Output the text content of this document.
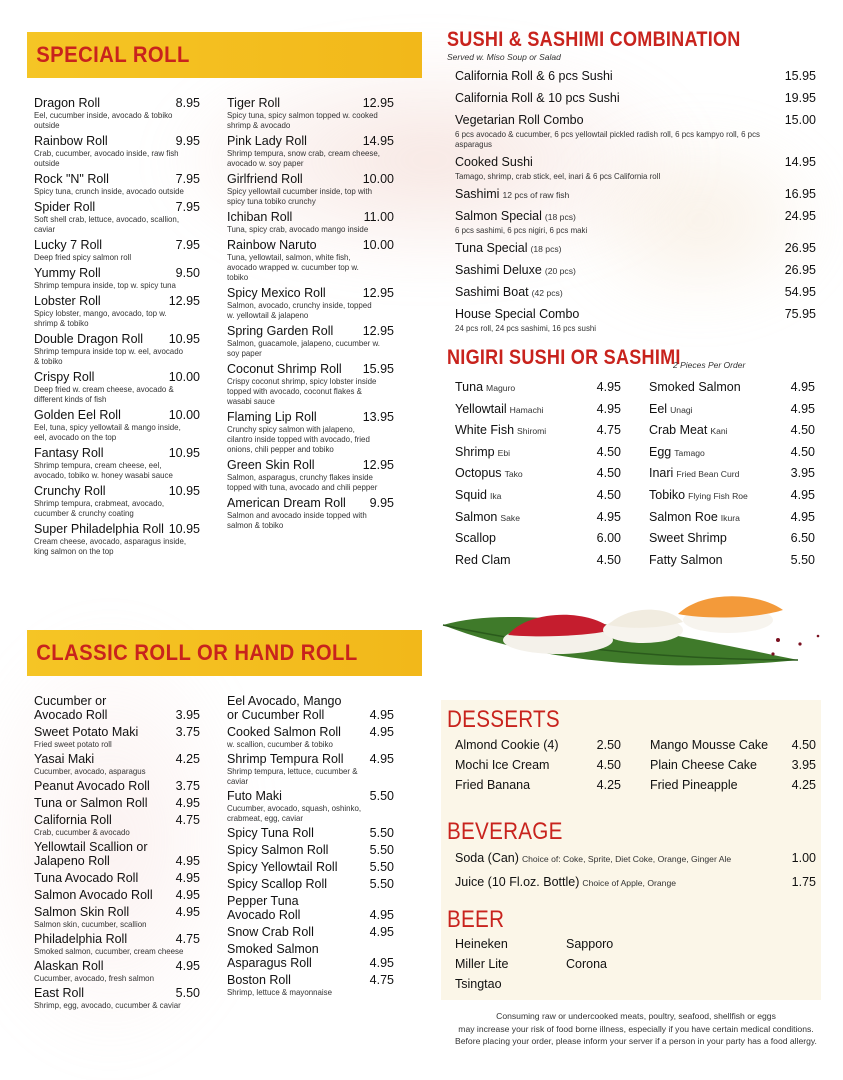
SPECIAL ROLL
Dragon Roll	8.95
Eel, cucumber inside, avocado & tobiko outside
Rainbow Roll	9.95
Crab, cucumber, avocado inside, raw fish outside
Rock "N" Roll	7.95
Spicy tuna, crunch inside, avocado outside
Spider Roll	7.95
Soft shell crab, lettuce, avocado, scallion, caviar
Lucky 7 Roll	7.95
Deep fried spicy salmon roll
Yummy Roll	9.50
Shrimp tempura inside, top w. spicy tuna
Lobster Roll	12.95
Spicy lobster, mango, avocado, top w. shrimp & tobiko
Double Dragon Roll 10.95
Shrimp tempura inside top w. eel, avocado & tobiko
Crispy Roll	10.00
Deep fried w. cream cheese, avocado & different kinds of fish
Golden Eel Roll	10.00
Eel, tuna, spicy yellowtail & mango inside, eel, avocado on the top
Fantasy Roll	10.95
Shrimp tempura, cream cheese, eel, avocado, tobiko w. honey wasabi sauce
Crunchy Roll	10.95
Shrimp tempura, crabmeat, avocado, cucumber & crunchy coating
Super Philadelphia Roll 10.95
Cream cheese, avocado, asparagus inside, king salmon on the top
Tiger Roll	12.95
Spicy tuna, spicy salmon topped w. cooked shrimp & avocado
Pink Lady Roll	14.95
Shrimp tempura, snow crab, cream cheese, avocado w. soy paper
Girlfriend Roll	10.00
Spicy yellowtail cucumber inside, top with spicy tuna tobiko crunchy
Ichiban Roll	11.00
Tuna, spicy crab, avocado mango inside
Rainbow Naruto	10.00
Tuna, yellowtail, salmon, white fish, avocado wrapped w. cucumber top w. tobiko
Spicy Mexico Roll	12.95
Salmon, avocado, crunchy inside, topped w. yellowtail & jalapeno
Spring Garden Roll 12.95
Salmon, guacamole, jalapeno, cucumber w. soy paper
Coconut Shrimp Roll 15.95
Crispy coconut shrimp, spicy lobster inside topped with avocado, coconut flakes & wasabi sauce
Flaming Lip Roll	13.95
Crunchy spicy salmon with jalapeno, cilantro inside topped with avocado, fried onions, chili pepper and tobiko
Green Skin Roll	12.95
Salmon, asparagus, crunchy flakes inside topped with tuna, avocado and chili pepper
American Dream Roll 9.95
Salmon and avocado inside topped with salmon & tobiko
CLASSIC ROLL OR HAND ROLL
Cucumber or
Avocado Roll	3.95
Sweet Potato Maki	3.75
Fried sweet potato roll
Yasai Maki	4.25
Cucumber, avocado, asparagus
Peanut Avocado Roll 3.75
Tuna or Salmon Roll 4.95
California Roll	4.75
Crab, cucumber & avocado
Yellowtail Scallion or
Jalapeno Roll	4.95
Tuna Avocado Roll	4.95
Salmon Avocado Roll 4.95
Salmon Skin Roll	4.95
Salmon skin, cucumber, scallion
Philadelphia Roll	4.75
Smoked salmon, cucumber, cream cheese
Alaskan Roll	4.95
Cucumber, avocado, fresh salmon
East Roll	5.50
Shrimp, egg, avocado, cucumber & caviar
Eel Avocado, Mango
or Cucumber Roll	4.95
Cooked Salmon Roll 4.95
w. scallion, cucumber & tobiko
Shrimp Tempura Roll 4.95
Shrimp tempura, lettuce, cucumber & caviar
Futo Maki	5.50
Cucumber, avocado, squash, oshinko, crabmeat, egg, caviar
Spicy Tuna Roll	5.50
Spicy Salmon Roll	5.50
Spicy Yellowtail Roll	5.50
Spicy Scallop Roll	5.50
Pepper Tuna
Avocado Roll	4.95
Snow Crab Roll	4.95
Smoked Salmon
Asparagus Roll	4.95
Boston Roll	4.75
Shrimp, lettuce & mayonnaise
SUSHI & SASHIMI COMBINATION
Served w. Miso Soup or Salad
California Roll & 6 pcs Sushi	15.95
California Roll & 10 pcs Sushi	19.95
Vegetarian Roll Combo	15.00
6 pcs avocado & cucumber, 6 pcs yellowtail pickled radish roll, 6 pcs kampyo roll, 6 pcs asparagus
Cooked Sushi	14.95
Tamago, shrimp, crab stick, eel, inari & 6 pcs California roll
Sashimi 12 pcs of raw fish	16.95
Salmon Special (18 pcs)	24.95
6 pcs sashimi, 6 pcs nigiri, 6 pcs maki
Tuna Special (18 pcs)	26.95
Sashimi Deluxe (20 pcs)	26.95
Sashimi Boat (42 pcs)	54.95
House Special Combo	75.95
24 pcs roll, 24 pcs sashimi, 16 pcs sushi
NIGIRI SUSHI OR SASHIMI
2 Pieces Per Order
Tuna Maguro	4.95
Yellowtail Hamachi	4.95
White Fish Shiromi	4.75
Shrimp Ebi	4.50
Octopus Tako	4.50
Squid Ika	4.50
Salmon Sake	4.95
Scallop	6.00
Red Clam	4.50
Smoked Salmon	4.95
Eel Unagi	4.95
Crab Meat Kani	4.50
Egg Tamago	4.50
Inari Fried Bean Curd	3.95
Tobiko Flying Fish Roe	4.95
Salmon Roe Ikura	4.95
Sweet Shrimp	6.50
Fatty Salmon	5.50
DESSERTS
Almond Cookie (4)	2.50
Mochi Ice Cream	4.50
Fried Banana	4.25
Mango Mousse Cake 4.50
Plain Cheese Cake	3.95
Fried Pineapple	4.25
BEVERAGE
Soda (Can) Choice of: Coke, Sprite, Diet Coke, Orange, Ginger Ale	1.00
Juice (10 Fl.oz. Bottle) Choice of Apple, Orange	1.75
BEER
Heineken
Miller Lite
Tsingtao
Sapporo
Corona
Consuming raw or undercooked meats, poultry, seafood, shellfish or eggs
may increase your risk of food borne illness, especially if you have certain medical conditions.
Before placing your order, please inform your server if a person in your party has a food allergy.
